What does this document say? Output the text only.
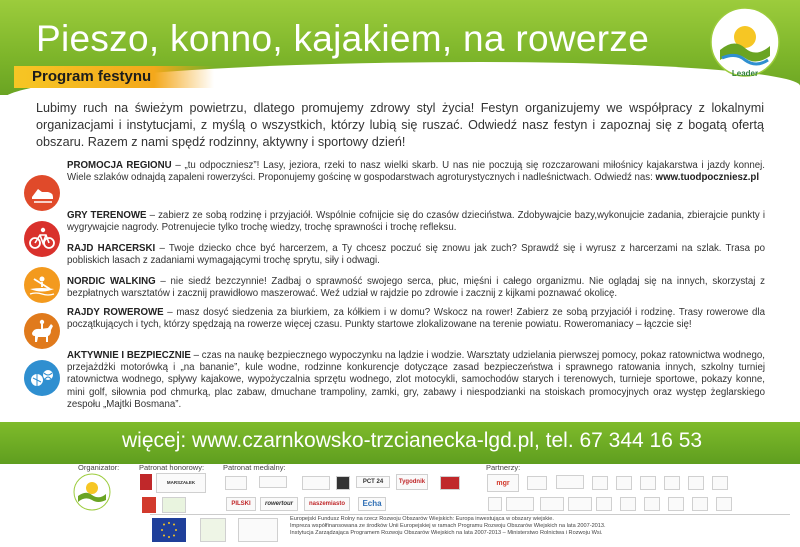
Pieszo, konno, kajakiem, na rowerze
Leader
Program festynu
Lubimy ruch na świeżym powietrzu, dlatego promujemy zdrowy styl życia! Festyn organizujemy we współpracy z lokalnymi organizacjami i instytucjami, z myślą o wszystkich, którzy lubią się ruszać. Odwiedź nasz festyn i zapoznaj się z bogatą ofertą obszaru. Razem z nami spędź rodzinny, aktywny i sportowy dzień!
PROMOCJA REGIONU – „tu odpoczniesz”! Lasy, jeziora, rzeki to nasz wielki skarb. U nas nie poczują się rozczarowani miłośnicy kajakarstwa i jazdy konnej. Wiele szlaków odnajdą zapaleni rowerzyści. Proponujemy gościnę w gospodarstwach agroturystycznych i nadleśnictwach. Odwiedź nas: www.tuodpoczniesz.pl
GRY TERENOWE – zabierz ze sobą rodzinę i przyjaciół. Wspólnie cofnijcie się do czasów dzieciństwa. Zdobywajcie bazy,wykonujcie zadania, zbierajcie punkty i wygrywajcie nagrody. Potrenujecie tylko trochę wiedzy, trochę sprawności i trochę refleksu.
RAJD HARCERSKI – Twoje dziecko chce być harcerzem, a Ty chcesz poczuć się znowu jak zuch? Sprawdź się i wyrusz z harcerzami na szlak. Trasa po pobliskich lasach z zadaniami wymagającymi trochę sprytu, siły i odwagi.
NORDIC WALKING – nie siedź bezczynnie! Zadbaj o sprawność swojego serca, płuc, mięśni i całego organizmu. Nie oglądaj się na innych, skorzystaj z bezpłatnych warsztatów i zacznij prawidłowo maszerować. Weź udział w rajdzie po zdrowie i zacznij z kijkami poznawać okolicę.
RAJDY ROWEROWE – masz dosyć siedzenia za biurkiem, za kółkiem i w domu? Wskocz na rower! Zabierz ze sobą przyjaciół i rodzinę. Trasy rowerowe dla początkujących i tych, którzy spędzają na rowerze więcej czasu. Punkty startowe zlokalizowane na terenie powiatu. Roweromaniacy – łączcie się!
AKTYWNIE I BEZPIECZNIE – czas na naukę bezpiecznego wypoczynku na lądzie i wodzie. Warsztaty udzielania pierwszej pomocy, pokaz ratownictwa wodnego, przejażdżki motorówką i „na bananie”, kule wodne, rodzinne konkurencje dotyczące zasad bezpieczeństwa i sprawnego ratowania innych, szkolny turniej ratownictwa wodnego, spływy kajakowe, wypożyczalnia sprzętu wodnego, zlot motocykli, samochodów starych i terenowych, turnieje sportowe, pokazy konne, mini golf, siłownia pod chmurką, plac zabaw, dmuchane trampoliny, zamki, gry, zabawy i niespodzianki na stoiskach promocyjnych oraz występ żeglarskiego zespołu „Majtki Bosmana”.
więcej: www.czarnkowsko-trzcianecka-lgd.pl, tel. 67 344 16 53
Organizator:	Patronat honorowy:	Patronat medialny:	Partnerzy:
MARSZAŁEK	PCT 24	Tygodnik
PILSKI	rowertour	naszemiasto	Echa
mgr
Europejski Fundusz Rolny na rzecz Rozwoju Obszarów Wiejskich: Europa inwestująca w obszary wiejskie.
Impreza współfinansowana ze środków Unii Europejskiej w ramach Programu Rozwoju Obszarów Wiejskich na lata 2007-2013.
Instytucja Zarządzająca Programem Rozwoju Obszarów Wiejskich na lata 2007-2013 – Ministerstwo Rolnictwa i Rozwoju Wsi.
